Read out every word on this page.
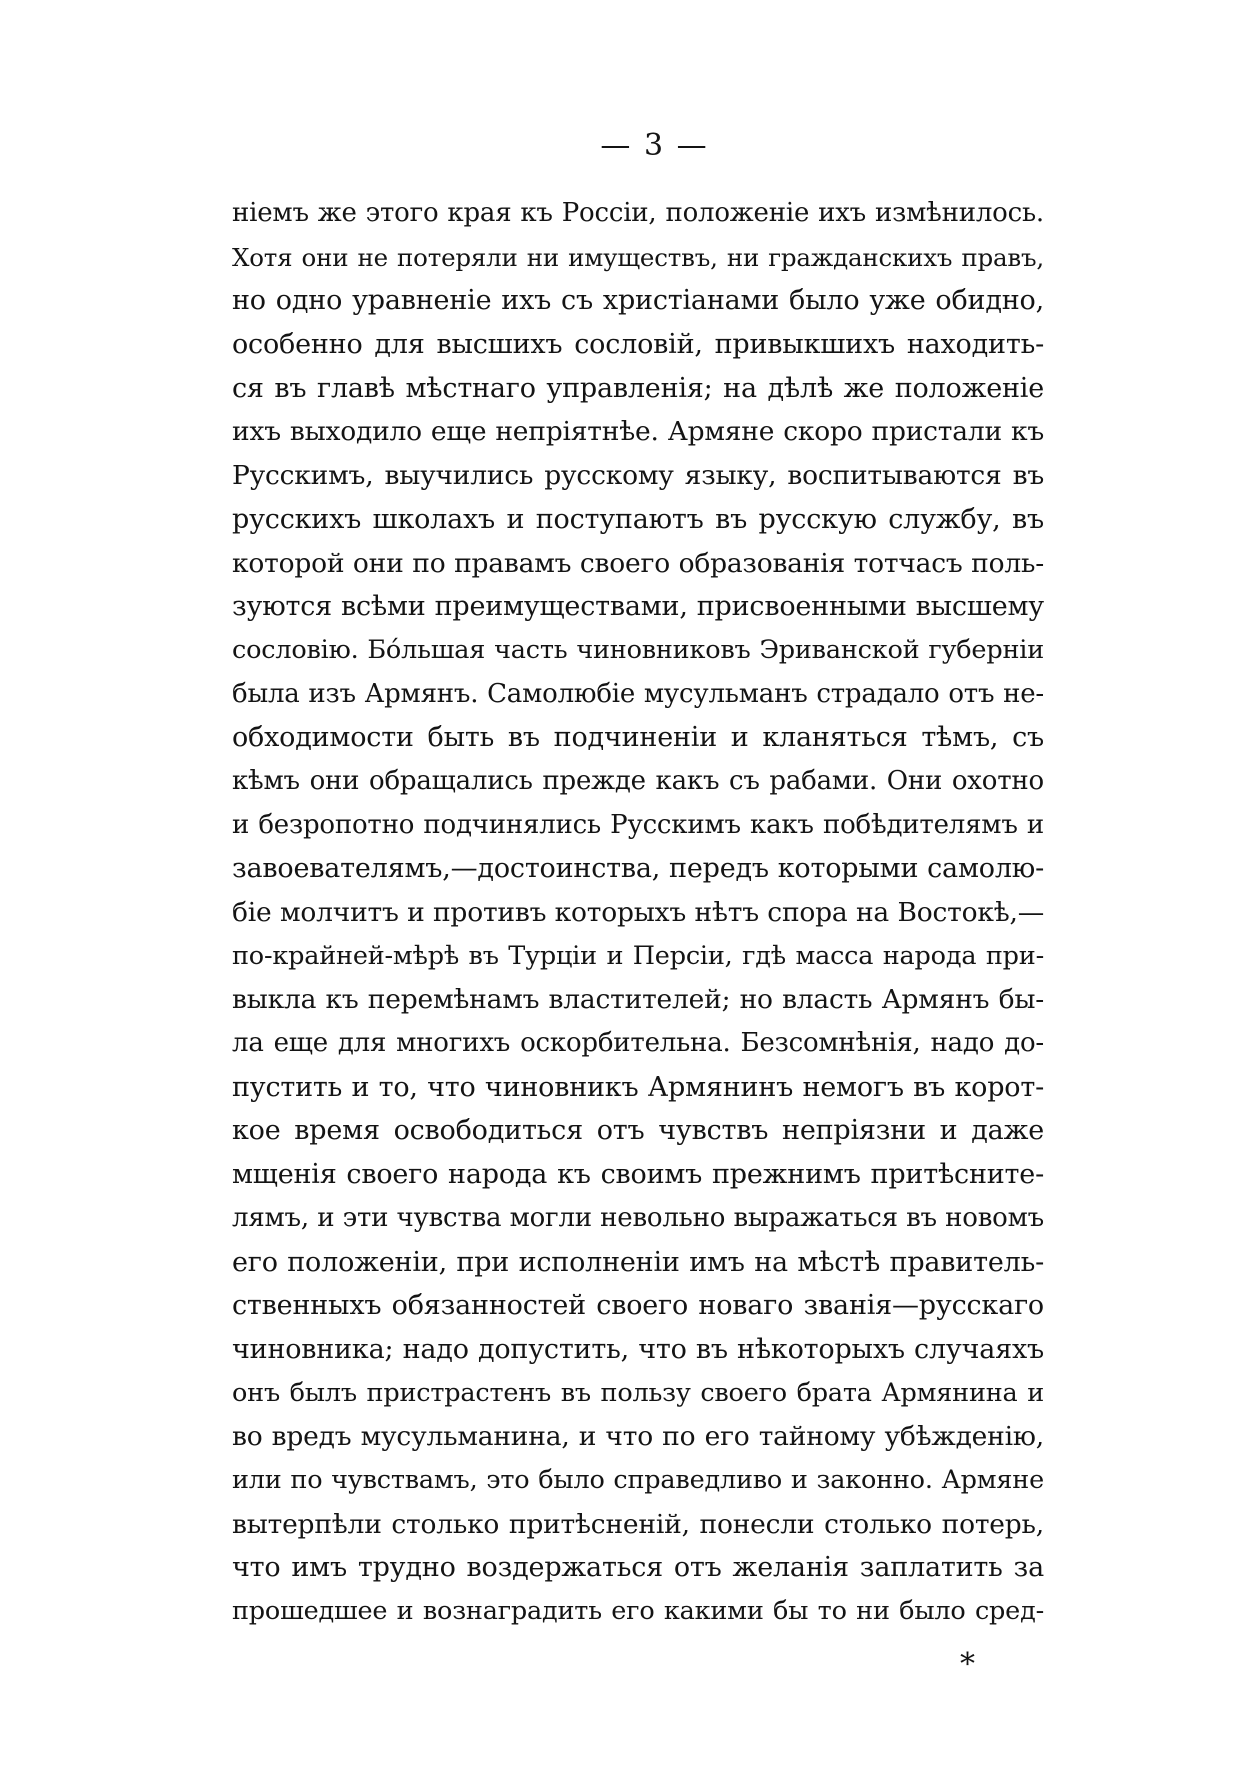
— 3 —
ніемъ же этого края къ Россіи, положеніе ихъ измѣнилось.
Хотя они не потеряли ни имуществъ, ни гражданскихъ правъ,
но одно уравненіе ихъ съ христіанами было уже обидно,
особенно для высшихъ сословій, привыкшихъ находить-
ся въ главѣ мѣстнаго управленія; на дѣлѣ же положеніе
ихъ выходило еще непріятнѣе. Армяне скоро пристали къ
Русскимъ, выучились русскому языку, воспитываются въ
русскихъ школахъ и поступаютъ въ русскую службу, въ
которой они по правамъ своего образованія тотчасъ поль-
зуются всѣми преимуществами, присвоенными высшему
сословію. Бо́льшая часть чиновниковъ Эриванской губерніи
была изъ Армянъ. Самолюбіе мусульманъ страдало отъ не-
обходимости быть въ подчиненіи и кланяться тѣмъ, съ
кѣмъ они обращались прежде какъ съ рабами. Они охотно
и безропотно подчинялись Русскимъ какъ побѣдителямъ и
завоевателямъ,—достоинства, передъ которыми самолю-
біе молчитъ и противъ которыхъ нѣтъ спора на Востокѣ,—
по-крайней-мѣрѣ въ Турціи и Персіи, гдѣ масса народа при-
выкла къ перемѣнамъ властителей; но власть Армянъ бы-
ла еще для многихъ оскорбительна. Безсомнѣнія, надо до-
пустить и то, что чиновникъ Армянинъ немогъ въ корот-
кое время освободиться отъ чувствъ непріязни и даже
мщенія своего народа къ своимъ прежнимъ притѣсните-
лямъ, и эти чувства могли невольно выражаться въ новомъ
его положеніи, при исполненіи имъ на мѣстѣ правитель-
ственныхъ обязанностей своего новаго званія—русскаго
чиновника; надо допустить, что въ нѣкоторыхъ случаяхъ
онъ былъ пристрастенъ въ пользу своего брата Армянина и
во вредъ мусульманина, и что по его тайному убѣжденію,
или по чувствамъ, это было справедливо и законно. Армяне
вытерпѣли столько притѣсненій, понесли столько потерь,
что имъ трудно воздержаться отъ желанія заплатить за
прошедшее и вознаградить его какими бы то ни было сред-
*
